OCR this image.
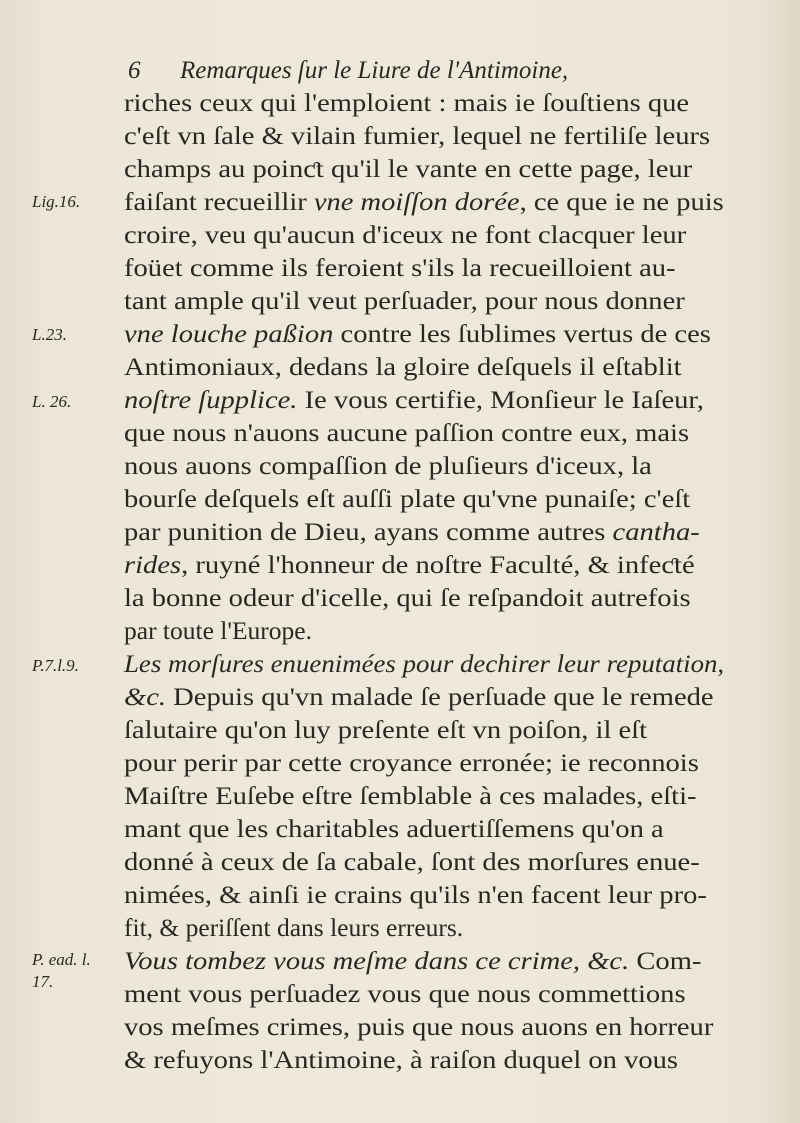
6 Remarques ſur le Liure de l'Antimoine,
Lig.16.
L.23.
L. 26.
P.7.l.9.
P. ead. l.
17.
riches ceux qui l'emploient : mais ie ſouſtiens que
c'eſt vn ſale & vilain fumier, lequel ne fertiliſe leurs
champs au poinƈt qu'il le vante en cette page, leur
faiſant recueillir vne moiſſon dorée, ce que ie ne puis
croire, veu qu'aucun d'iceux ne font clacquer leur
foüet comme ils feroient s'ils la recueilloient au-
tant ample qu'il veut perſuader, pour nous donner
vne louche paßion contre les ſublimes vertus de ces
Antimoniaux, dedans la gloire deſquels il eſtablit
noſtre ſupplice. Ie vous certifie, Monſieur le Iaſeur,
que nous n'auons aucune paſſion contre eux, mais
nous auons compaſſion de pluſieurs d'iceux, la
bourſe deſquels eſt auſſi plate qu'vne punaiſe; c'eſt
par punition de Dieu, ayans comme autres cantha-
rides, ruyné l'honneur de noſtre Faculté, & infeƈté
la bonne odeur d'icelle, qui ſe reſpandoit autrefois
par toute l'Europe.
Les morſures enuenimées pour dechirer leur reputation,
&c. Depuis qu'vn malade ſe perſuade que le remede
ſalutaire qu'on luy preſente eſt vn poiſon, il eſt
pour perir par cette croyance erronée; ie reconnois
Maiſtre Euſebe eſtre ſemblable à ces malades, eſti-
mant que les charitables aduertiſſemens qu'on a
donné à ceux de ſa cabale, ſont des morſures enue-
nimées, & ainſi ie crains qu'ils n'en facent leur pro-
fit, & periſſent dans leurs erreurs.
Vous tombez vous meſme dans ce crime, &c. Com-
ment vous perſuadez vous que nous commettions
vos meſmes crimes, puis que nous auons en horreur
& refuyons l'Antimoine, à raiſon duquel on vous
